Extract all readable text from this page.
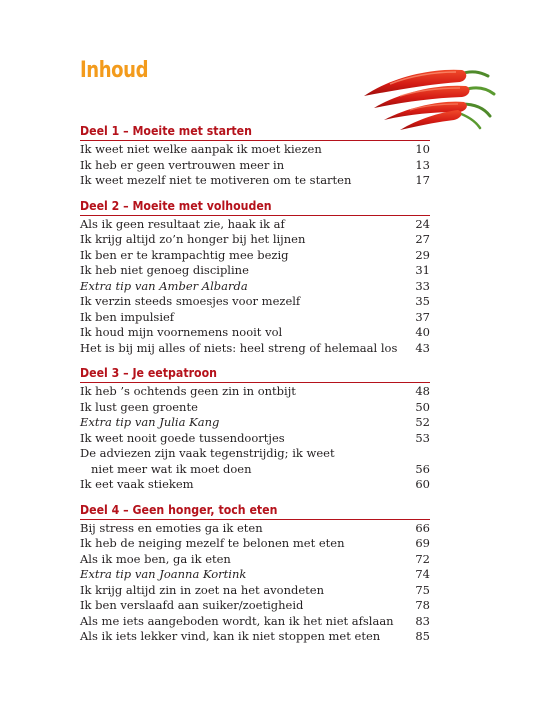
Inhoud
Deel 1 – Moeite met starten
Ik weet niet welke aanpak ik moet kiezen	10
Ik heb er geen vertrouwen meer in	13
Ik weet mezelf niet te motiveren om te starten	17
Deel 2 – Moeite met volhouden
Als ik geen resultaat zie, haak ik af	24
Ik krijg altijd zo’n honger bij het lijnen	27
Ik ben er te krampachtig mee bezig	29
Ik heb niet genoeg discipline	31
Extra tip van Amber Albarda	33
Ik verzin steeds smoesjes voor mezelf	35
Ik ben impulsief	37
Ik houd mijn voornemens nooit vol	40
Het is bij mij alles of niets: heel streng of helemaal los	43
Deel 3 – Je eetpatroon
Ik heb ’s ochtends geen zin in ontbijt	48
Ik lust geen groente	50
Extra tip van Julia Kang	52
Ik weet nooit goede tussendoortjes	53
De adviezen zijn vaak tegenstrijdig; ik weet
niet meer wat ik moet doen	56
Ik eet vaak stiekem	60
Deel 4 – Geen honger, toch eten
Bij stress en emoties ga ik eten	66
Ik heb de neiging mezelf te belonen met eten	69
Als ik moe ben, ga ik eten	72
Extra tip van Joanna Kortink	74
Ik krijg altijd zin in zoet na het avondeten	75
Ik ben verslaafd aan suiker/zoetigheid	78
Als me iets aangeboden wordt, kan ik het niet afslaan	83
Als ik iets lekker vind, kan ik niet stoppen met eten	85
